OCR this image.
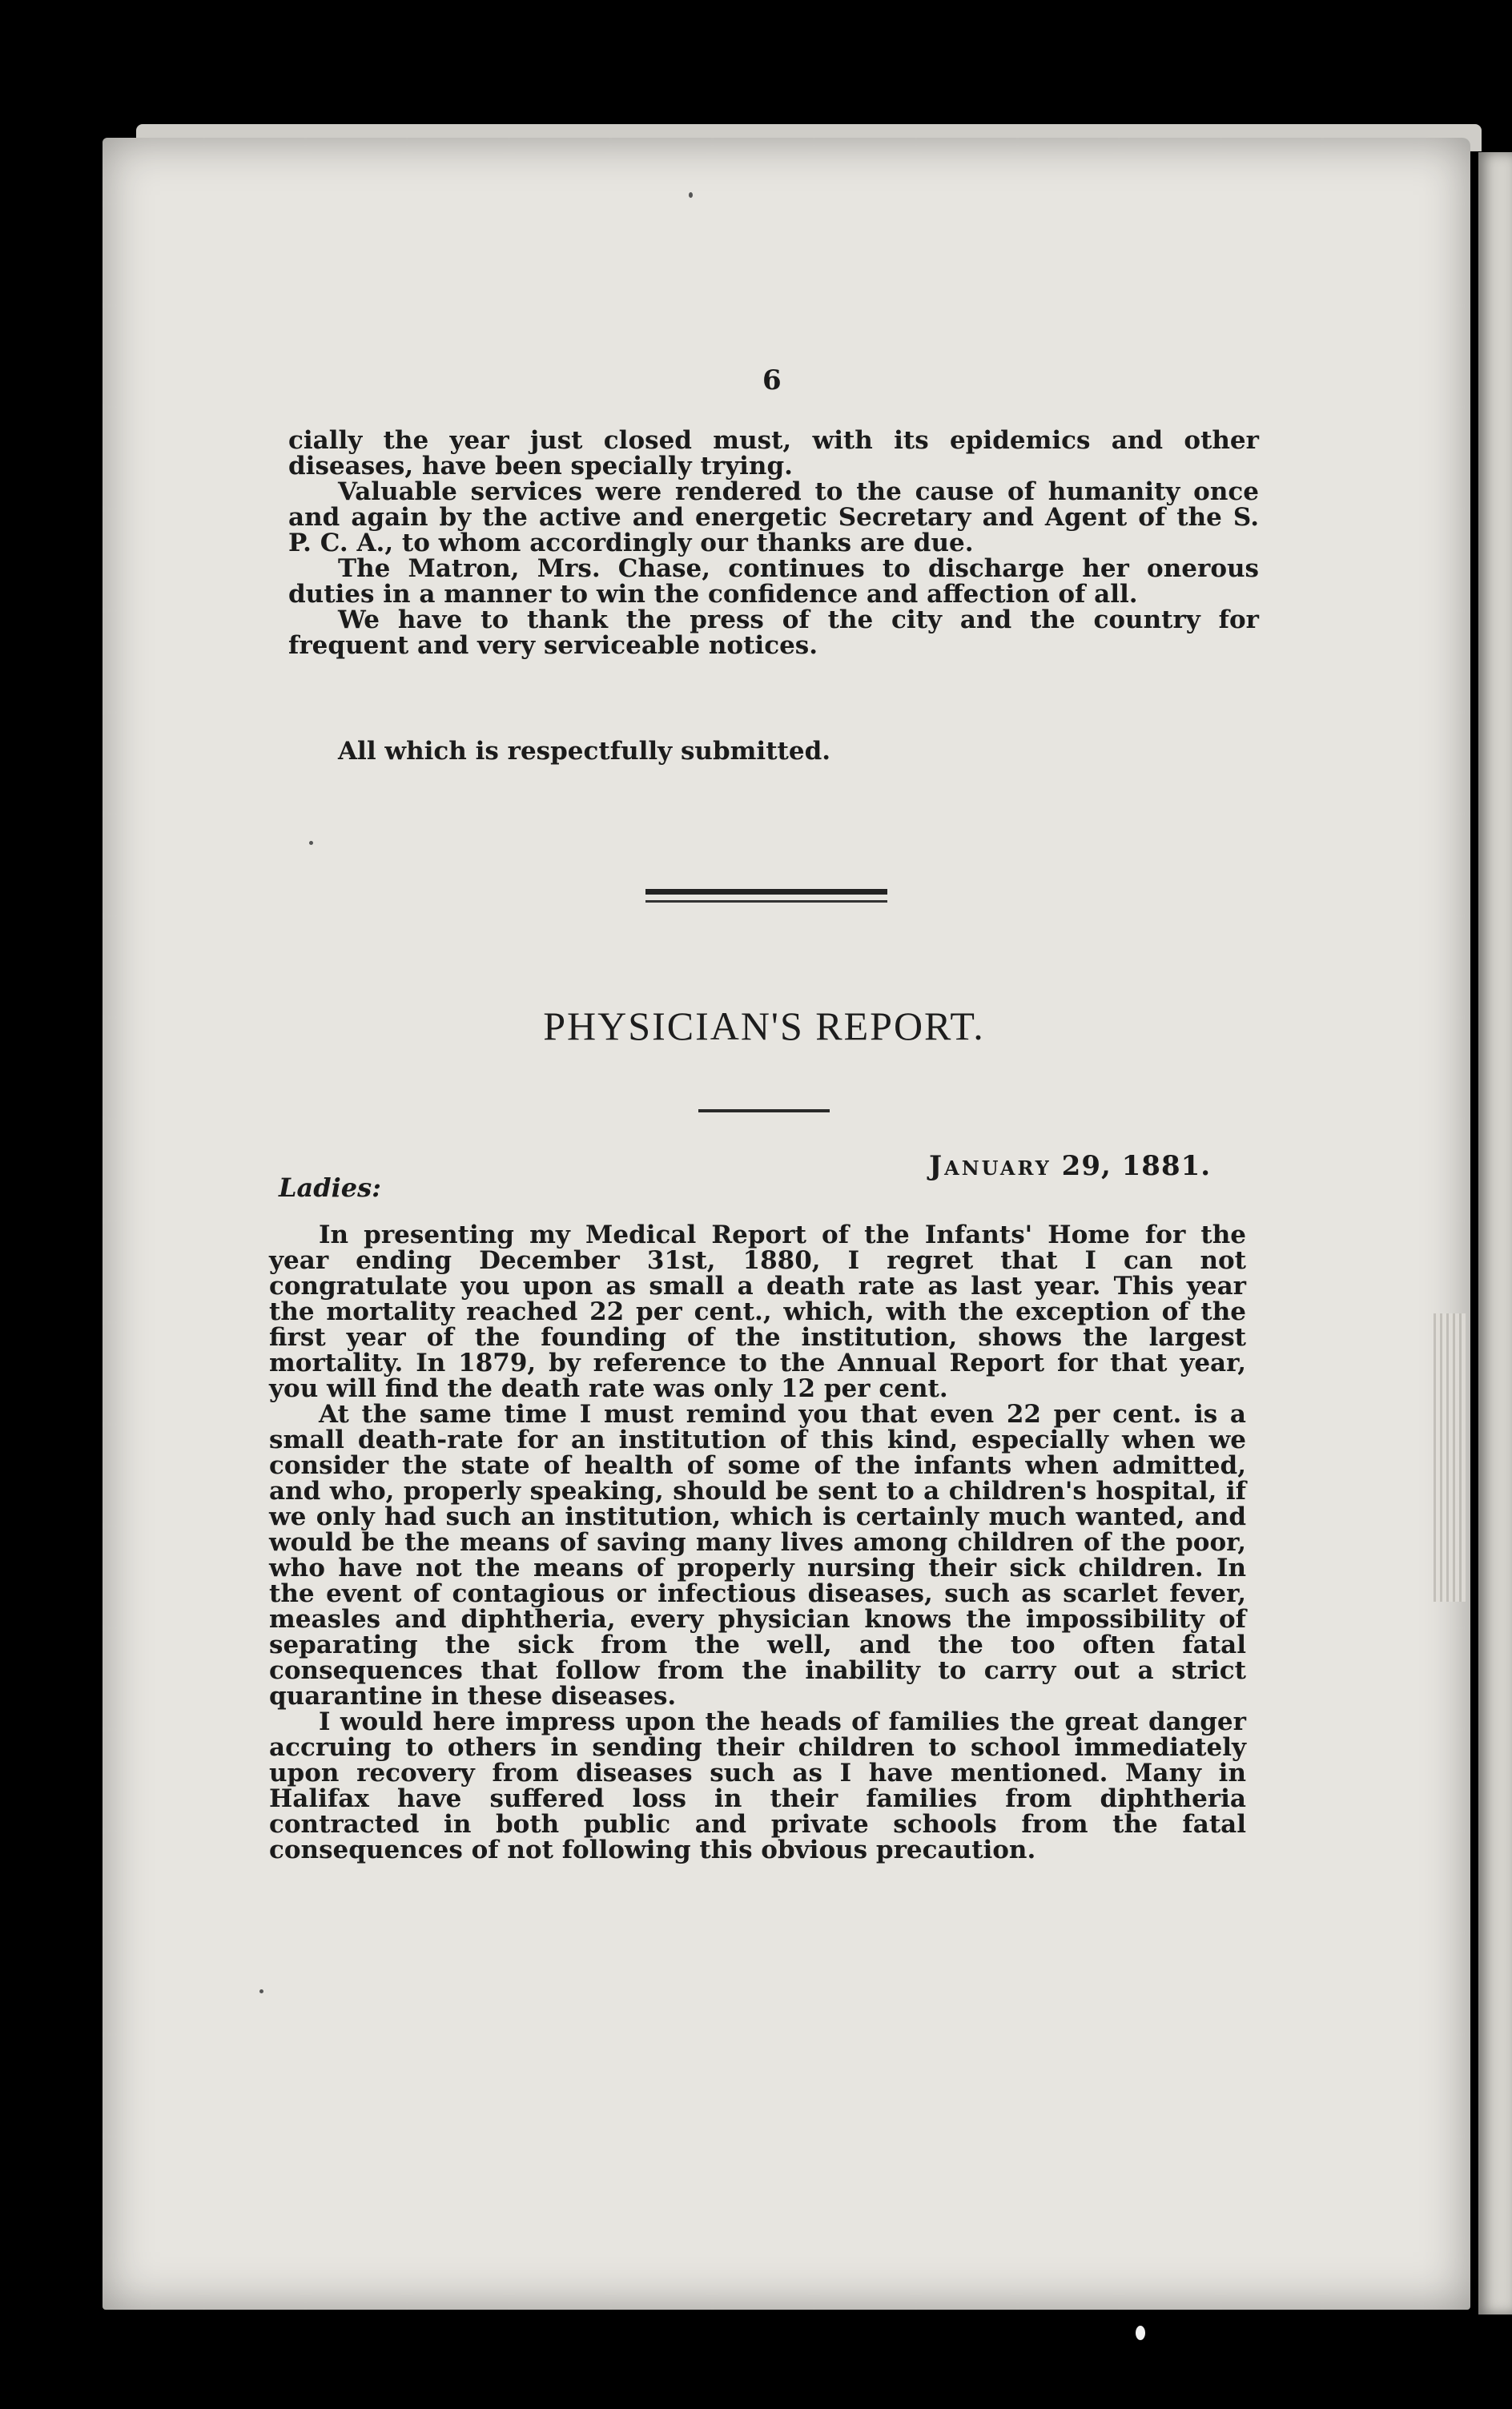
6

cially the year just closed must, with its epidemics and other diseases, have been specially trying.

Valuable services were rendered to the cause of humanity once and again by the active and energetic Secretary and Agent of the S. P. C. A., to whom accordingly our thanks are due.

The Matron, Mrs. Chase, continues to discharge her onerous duties in a manner to win the confidence and affection of all.

We have to thank the press of the city and the country for frequent and very serviceable notices.

All which is respectfully submitted.
PHYSICIAN'S REPORT.
January 29, 1881.
Ladies:

In presenting my Medical Report of the Infants' Home for the year ending December 31st, 1880, I regret that I can not congratulate you upon as small a death rate as last year. This year the mortality reached 22 per cent., which, with the exception of the first year of the founding of the institution, shows the largest mortality. In 1879, by reference to the Annual Report for that year, you will find the death rate was only 12 per cent.

At the same time I must remind you that even 22 per cent. is a small death-rate for an institution of this kind, especially when we consider the state of health of some of the infants when admitted, and who, properly speaking, should be sent to a children's hospital, if we only had such an institution, which is certainly much wanted, and would be the means of saving many lives among children of the poor, who have not the means of properly nursing their sick children. In the event of contagious or infectious diseases, such as scarlet fever, measles and diphtheria, every physician knows the impossibility of separating the sick from the well, and the too often fatal consequences that follow from the inability to carry out a strict quarantine in these diseases.

I would here impress upon the heads of families the great danger accruing to others in sending their children to school immediately upon recovery from diseases such as I have mentioned. Many in Halifax have suffered loss in their families from diphtheria contracted in both public and private schools from the fatal consequences of not following this obvious precaution.
